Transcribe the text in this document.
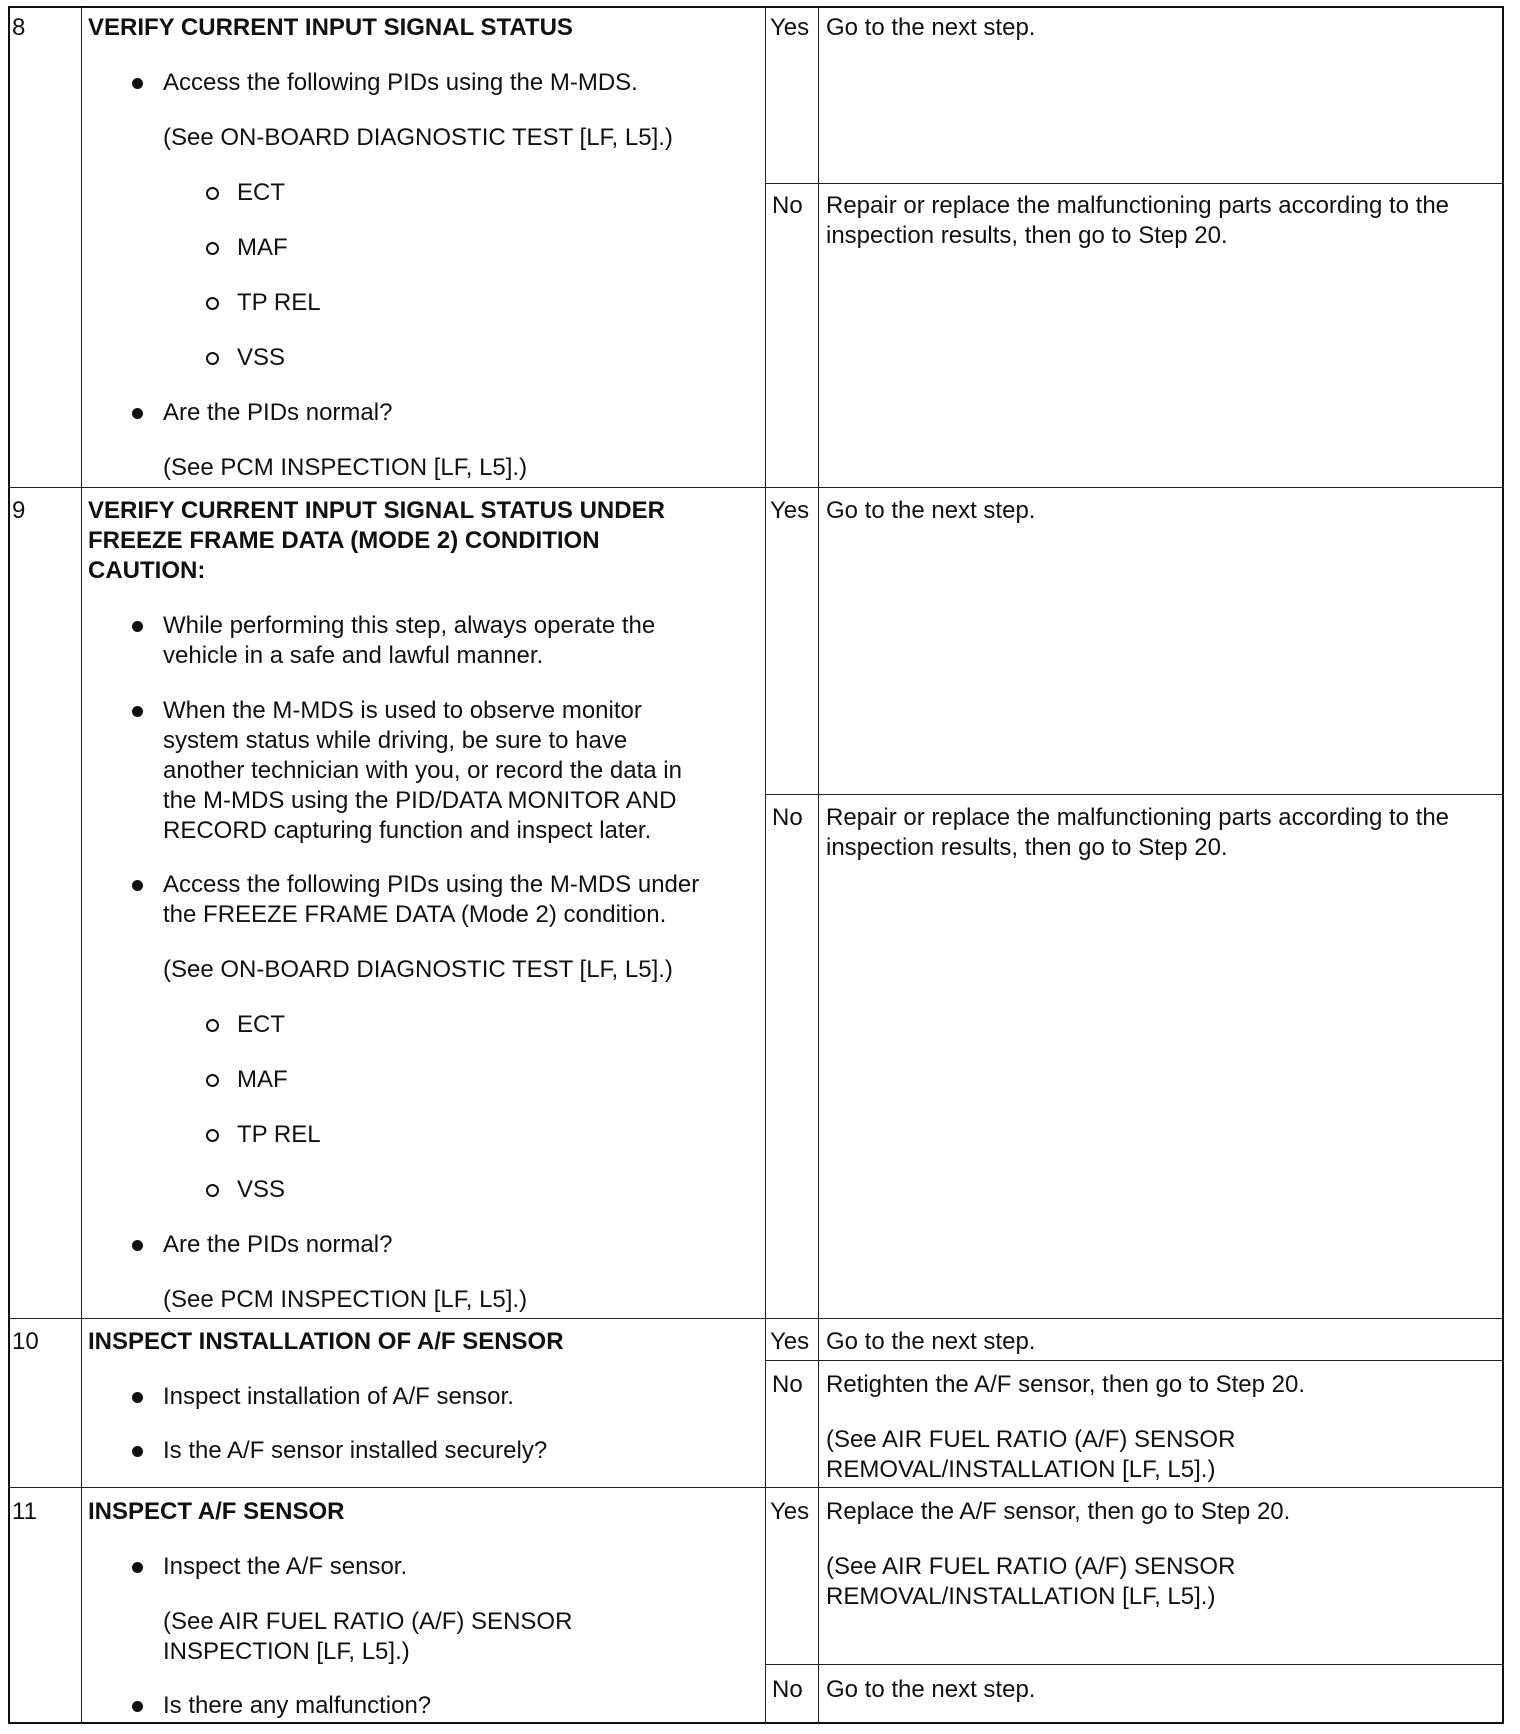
8	VERIFY CURRENT INPUT SIGNAL STATUS
Access the following PIDs using the M-MDS.
(See ON-BOARD DIAGNOSTIC TEST [LF, L5].)
ECT
MAF
TP REL
VSS
Are the PIDs normal?
(See PCM INSPECTION [LF, L5].)
Yes Go to the next step.
No Repair or replace the malfunctioning parts according to the
inspection results, then go to Step 20.
9	VERIFY CURRENT INPUT SIGNAL STATUS UNDER
FREEZE FRAME DATA (MODE 2) CONDITION
CAUTION:
While performing this step, always operate the
vehicle in a safe and lawful manner.
When the M-MDS is used to observe monitor
system status while driving, be sure to have
another technician with you, or record the data in
the M-MDS using the PID/DATA MONITOR AND
RECORD capturing function and inspect later.
Access the following PIDs using the M-MDS under
the FREEZE FRAME DATA (Mode 2) condition.
(See ON-BOARD DIAGNOSTIC TEST [LF, L5].)
ECT
MAF
TP REL
VSS
Are the PIDs normal?
(See PCM INSPECTION [LF, L5].)
Yes Go to the next step.
No Repair or replace the malfunctioning parts according to the
inspection results, then go to Step 20.
10 INSPECT INSTALLATION OF A/F SENSOR
Inspect installation of A/F sensor.
Is the A/F sensor installed securely?
Yes Go to the next step.
No Retighten the A/F sensor, then go to Step 20.
(See AIR FUEL RATIO (A/F) SENSOR
REMOVAL/INSTALLATION [LF, L5].)
11 INSPECT A/F SENSOR
Inspect the A/F sensor.
(See AIR FUEL RATIO (A/F) SENSOR
INSPECTION [LF, L5].)
Is there any malfunction?
Yes Replace the A/F sensor, then go to Step 20.
(See AIR FUEL RATIO (A/F) SENSOR
REMOVAL/INSTALLATION [LF, L5].)
No Go to the next step.
